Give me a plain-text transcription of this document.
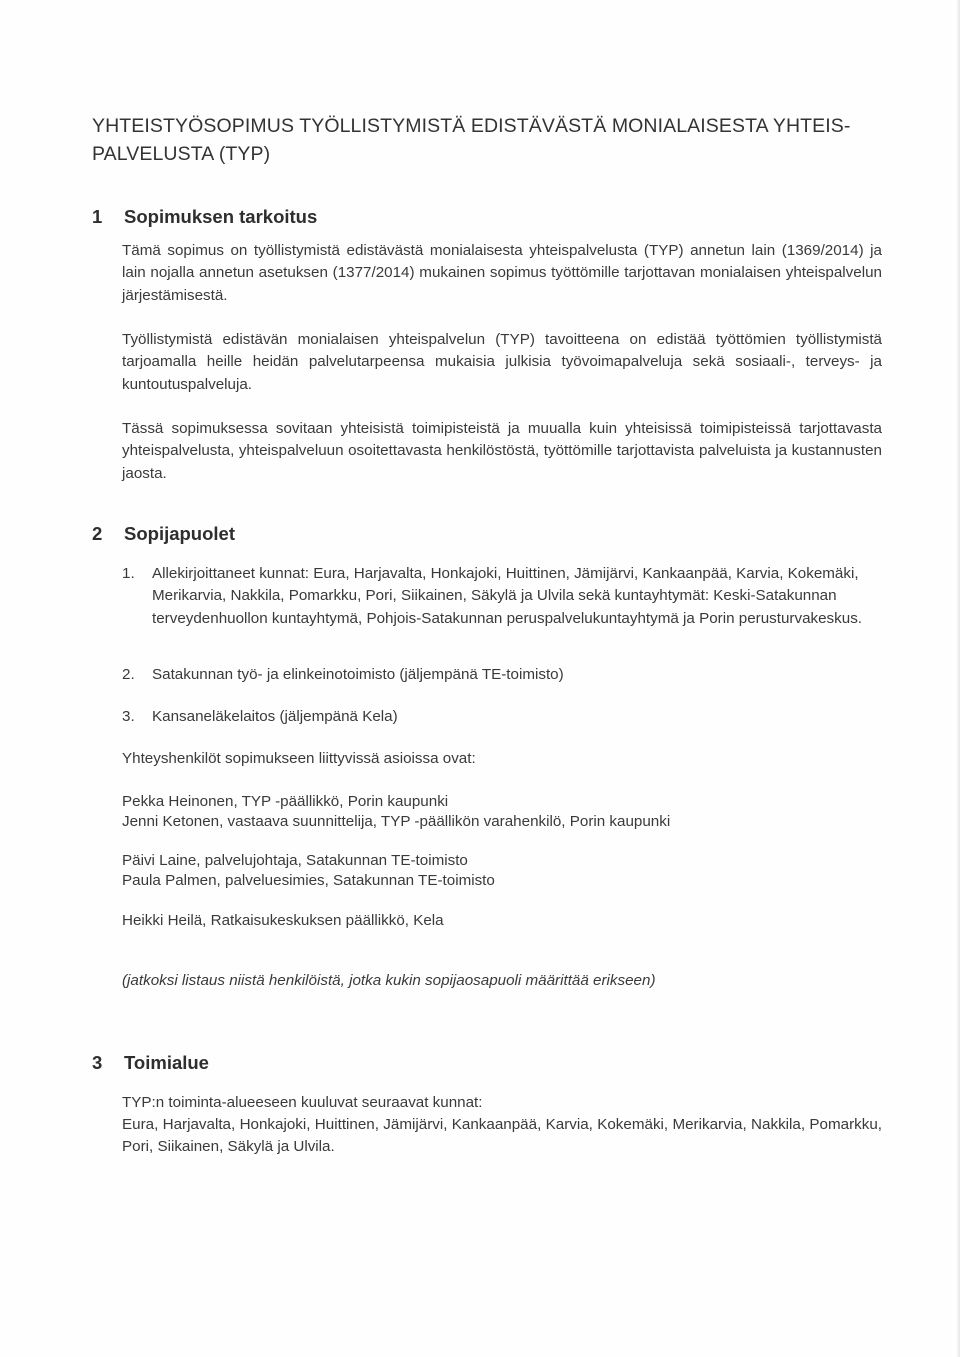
YHTEISTYÖSOPIMUS TYÖLLISTYMISTÄ EDISTÄVÄSTÄ MONIALAISESTA YHTEIS-
PALVELUSTA (TYP)
1	Sopimuksen tarkoitus

Tämä sopimus on työllistymistä edistävästä monialaisesta yhteispalvelusta (TYP) annetun lain (1369/2014) ja lain nojalla annetun asetuksen (1377/2014) mukainen sopimus työttömille tarjottavan monialaisen yhteispalvelun järjestämisestä.

Työllistymistä edistävän monialaisen yhteispalvelun (TYP) tavoitteena on edistää työttömien työllistymistä tarjoamalla heille heidän palvelutarpeensa mukaisia julkisia työvoimapalveluja sekä sosiaali-, terveys- ja kuntoutuspalveluja.

Tässä sopimuksessa sovitaan yhteisistä toimipisteistä ja muualla kuin yhteisissä toimipisteissä tarjottavasta yhteispalvelusta, yhteispalveluun osoitettavasta henkilöstöstä, työttömille tarjottavista palveluista ja kustannusten jaosta.

2	Sopijapuolet
1.	Allekirjoittaneet kunnat: Eura, Harjavalta, Honkajoki, Huittinen, Jämijärvi, Kankaanpää, Karvia, Kokemäki, Merikarvia, Nakkila, Pomarkku, Pori, Siikainen, Säkylä ja Ulvila sekä kuntayhtymät: Keski-Satakunnan terveydenhuollon kuntayhtymä, Pohjois-Satakunnan peruspalvelukuntayhtymä ja Porin perusturvakeskus.
2.	Satakunnan työ- ja elinkeinotoimisto (jäljempänä TE-toimisto)
3.	Kansaneläkelaitos (jäljempänä Kela)

Yhteyshenkilöt sopimukseen liittyvissä asioissa ovat:

Pekka Heinonen, TYP -päällikkö, Porin kaupunki

Jenni Ketonen, vastaava suunnittelija, TYP -päällikön varahenkilö, Porin kaupunki

Päivi Laine, palvelujohtaja, Satakunnan TE-toimisto

Paula Palmen, palveluesimies, Satakunnan TE-toimisto

Heikki Heilä, Ratkaisukeskuksen päällikkö, Kela

(jatkoksi listaus niistä henkilöistä, jotka kukin sopijaosapuoli määrittää erikseen)

3	Toimialue

TYP:n toiminta-alueeseen kuuluvat seuraavat kunnat:

Eura, Harjavalta, Honkajoki, Huittinen, Jämijärvi, Kankaanpää, Karvia, Kokemäki, Merikarvia, Nakkila, Pomarkku, Pori, Siikainen, Säkylä ja Ulvila.
